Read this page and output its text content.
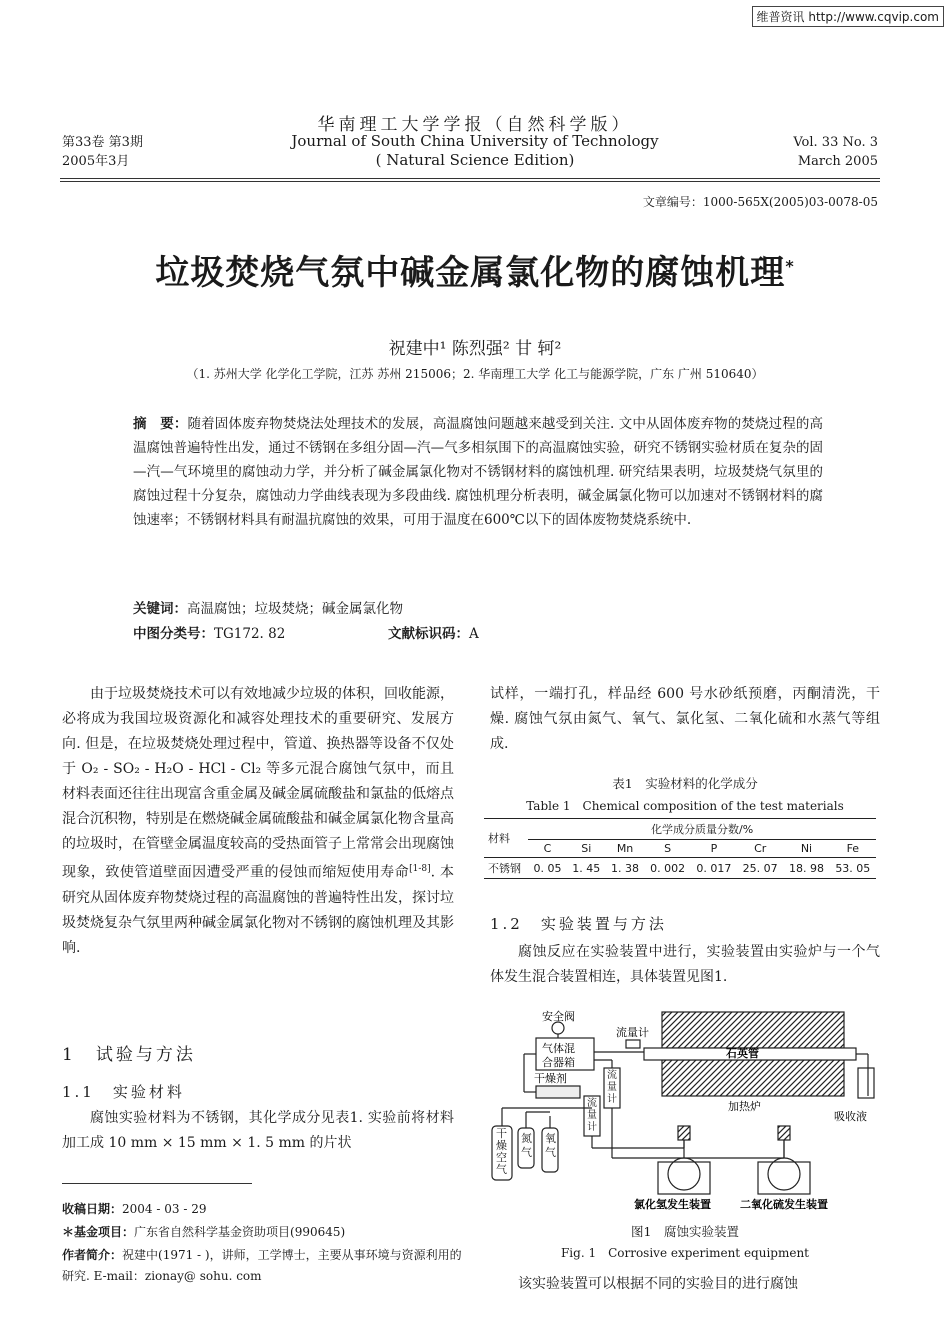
维普资讯 http://www.cqvip.com
华南理工大学学报（自然科学版）
Journal of South China University of Technology
( Natural Science Edition)
第33卷 第3期
2005年3月
Vol. 33 No. 3
March 2005
文章编号：1000-565X(2005)03-0078-05
垃圾焚烧气氛中碱金属氯化物的腐蚀机理*
祝建中¹ 陈烈强² 甘 轲²
（1. 苏州大学 化学化工学院，江苏 苏州 215006；2. 华南理工大学 化工与能源学院，广东 广州 510640）
摘　要：随着固体废弃物焚烧法处理技术的发展，高温腐蚀问题越来越受到关注. 文中从固体废弃物的焚烧过程的高温腐蚀普遍特性出发，通过不锈钢在多组分固—汽—气多相氛围下的高温腐蚀实验，研究不锈钢实验材质在复杂的固—汽—气环境里的腐蚀动力学，并分析了碱金属氯化物对不锈钢材料的腐蚀机理. 研究结果表明，垃圾焚烧气氛里的腐蚀过程十分复杂，腐蚀动力学曲线表现为多段曲线. 腐蚀机理分析表明，碱金属氯化物可以加速对不锈钢材料的腐蚀速率；不锈钢材料具有耐温抗腐蚀的效果，可用于温度在600℃以下的固体废物焚烧系统中.
关键词：高温腐蚀；垃圾焚烧；碱金属氯化物
中图分类号：TG172. 82	文献标识码：A
由于垃圾焚烧技术可以有效地减少垃圾的体积，回收能源，必将成为我国垃圾资源化和减容处理技术的重要研究、发展方向. 但是，在垃圾焚烧处理过程中，管道、换热器等设备不仅处于 O₂ - SO₂ - H₂O - HCl - Cl₂ 等多元混合腐蚀气氛中，而且材料表面还往往出现富含重金属及碱金属硫酸盐和氯盐的低熔点混合沉积物，特别是在燃烧碱金属硫酸盐和碱金属氯化物含量高的垃圾时，在管壁金属温度较高的受热面管子上常常会出现腐蚀现象，致使管道壁面因遭受严重的侵蚀而缩短使用寿命[1-8]. 本研究从固体废弃物焚烧过程的高温腐蚀的普遍特性出发，探讨垃圾焚烧复杂气氛里两种碱金属氯化物对不锈钢的腐蚀机理及其影响.
1　试验与方法
1.1　实验材料
腐蚀实验材料为不锈钢，其化学成分见表1. 实验前将材料加工成 10 mm × 15 mm × 1. 5 mm 的片状
收稿日期：2004 - 03 - 29
＊基金项目：广东省自然科学基金资助项目(990645)
作者简介：祝建中(1971 - )，讲师，工学博士，主要从事环境与资源利用的研究. E-mail：zionay@ sohu. com
试样，一端打孔，样品经 600 号水砂纸预磨，丙酮清洗，干燥. 腐蚀气氛由氮气、氧气、氯化氢、二氧化硫和水蒸气等组成.
表1　实验材料的化学成分
Table 1　Chemical composition of the test materials
材料	化学成分质量分数/%							
	C	Si	Mn	S	P	Cr	Ni	Fe
不锈钢	0. 05	1. 45	1. 38	0. 002	0. 017	25. 07	18. 98	53. 05
1.2　实验装置与方法
腐蚀反应在实验装置中进行，实验装置由实验炉与一个气体发生混合装置相连，具体装置见图1.
安全阀
流量计
气体混
合器箱
石英管
干燥剂
加热炉
吸收液
氯化氢发生装置	二氧化硫发生装置
干燥空气
氮气
氧气
流量计
流量计
图1　腐蚀实验装置
Fig. 1　Corrosive experiment equipment
该实验装置可以根据不同的实验目的进行腐蚀
